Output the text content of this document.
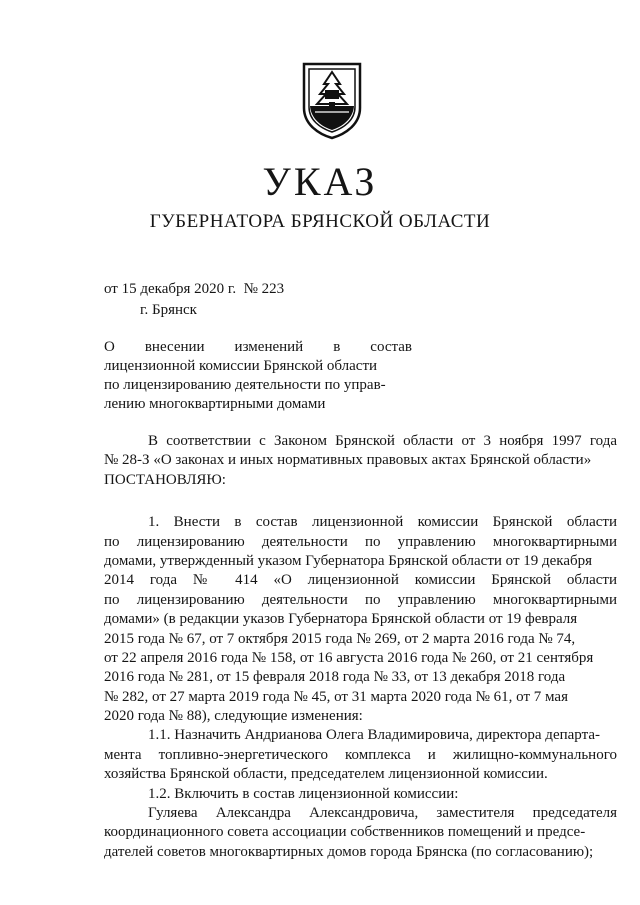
УКАЗ
ГУБЕРНАТОРА БРЯНСКОЙ ОБЛАСТИ
от 15 декабря 2020 г.  № 223
г. Брянск
О        внесении        изменений        в        состав
лицензионной комиссии Брянской области
по лицензированию деятельности по управ-
лению многоквартирными домами
В соответствии с Законом Брянской области от 3 ноября 1997 года
№ 28-З «О законах и иных нормативных правовых актах Брянской области»
ПОСТАНОВЛЯЮ:
1. Внести в состав лицензионной комиссии Брянской области
по лицензированию деятельности по управлению многоквартирными
домами, утвержденный указом Губернатора Брянской области от 19 декабря
2014 года № 414 «О лицензионной комиссии Брянской области
по лицензированию деятельности по управлению многоквартирными
домами» (в редакции указов Губернатора Брянской области от 19 февраля
2015 года № 67, от 7 октября 2015 года № 269, от 2 марта 2016 года № 74,
от 22 апреля 2016 года № 158, от 16 августа 2016 года № 260, от 21 сентября
2016 года № 281, от 15 февраля 2018 года № 33, от 13 декабря 2018 года
№ 282, от 27 марта 2019 года № 45, от 31 марта 2020 года № 61, от 7 мая
2020 года № 88), следующие изменения:
1.1. Назначить Андрианова Олега Владимировича, директора департа-
мента топливно-энергетического комплекса и жилищно-коммунального
хозяйства Брянской области, председателем лицензионной комиссии.
1.2. Включить в состав лицензионной комиссии:
Гуляева Александра Александровича, заместителя председателя
координационного совета ассоциации собственников помещений и предсе-
дателей советов многоквартирных домов города Брянска (по согласованию);
